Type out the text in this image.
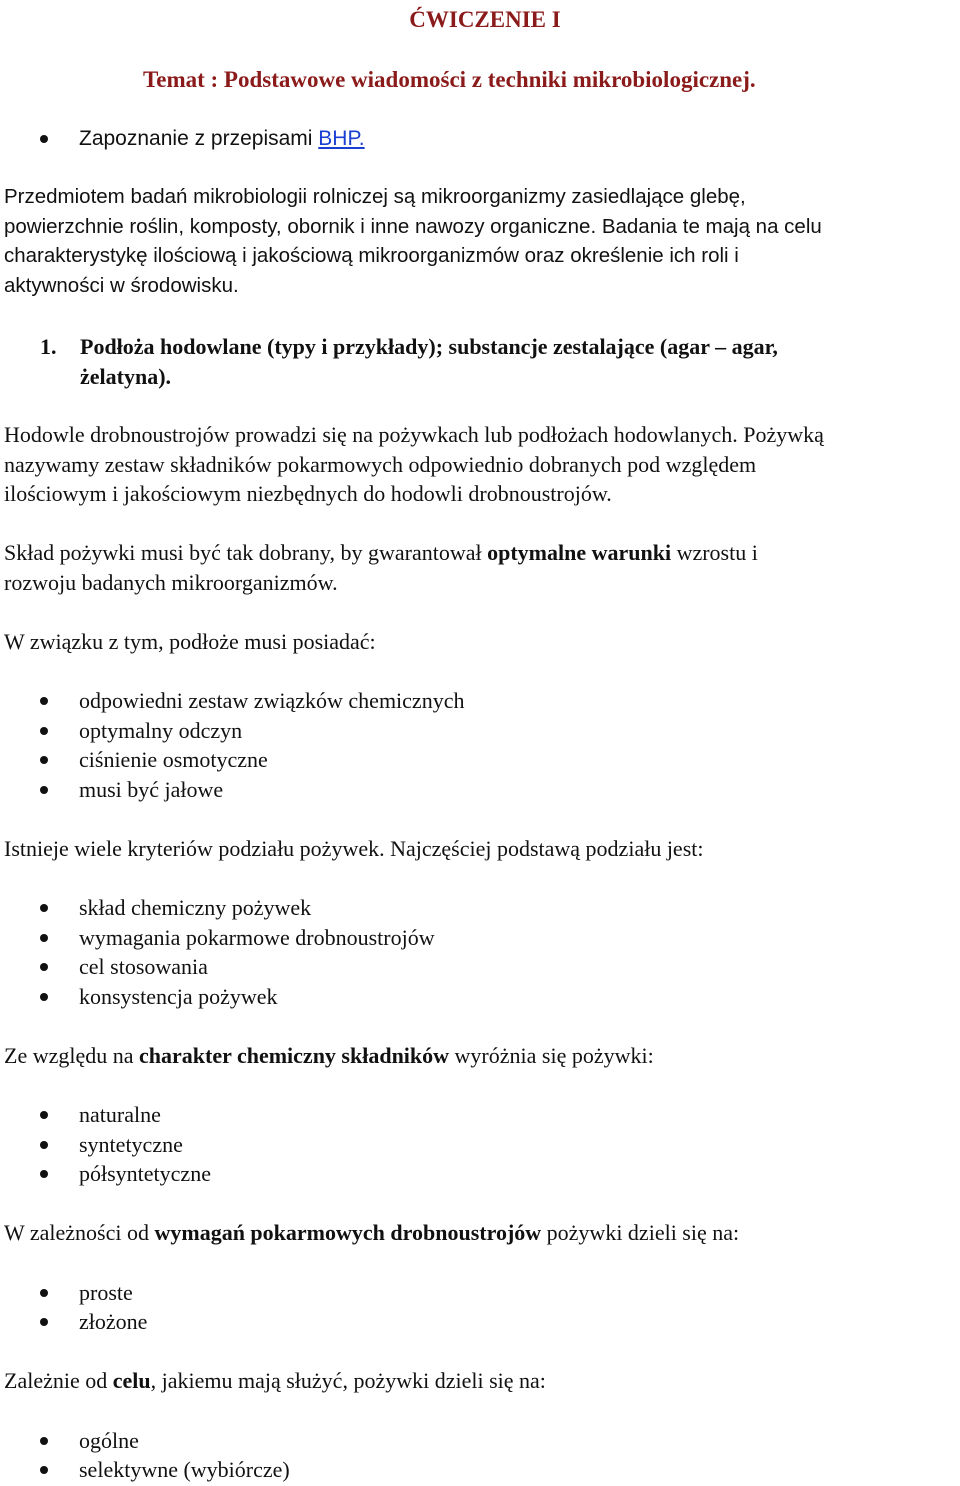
ĆWICZENIE I
Temat : Podstawowe wiadomości z techniki mikrobiologicznej.
Zapoznanie z przepisami BHP.
Przedmiotem badań mikrobiologii rolniczej są mikroorganizmy zasiedlające glebę,
powierzchnie roślin, komposty, obornik i inne nawozy organiczne. Badania te mają na celu
charakterystykę ilościową i jakościową mikroorganizmów oraz określenie ich roli i
aktywności w środowisku.
1. Podłoża hodowlane (typy i przykłady); substancje zestalające (agar – agar,
żelatyna).
Hodowle drobnoustrojów prowadzi się na pożywkach lub podłożach hodowlanych. Pożywką
nazywamy zestaw składników pokarmowych odpowiednio dobranych pod względem
ilościowym i jakościowym niezbędnych do hodowli drobnoustrojów.
Skład pożywki musi być tak dobrany, by gwarantował optymalne warunki wzrostu i
rozwoju badanych mikroorganizmów.
W związku z tym, podłoże musi posiadać:
odpowiedni zestaw związków chemicznych
optymalny odczyn
ciśnienie osmotyczne
musi być jałowe
Istnieje wiele kryteriów podziału pożywek. Najczęściej podstawą podziału jest:
skład chemiczny pożywek
wymagania pokarmowe drobnoustrojów
cel stosowania
konsystencja pożywek
Ze względu na charakter chemiczny składników wyróżnia się pożywki:
naturalne
syntetyczne
półsyntetyczne
W zależności od wymagań pokarmowych drobnoustrojów pożywki dzieli się na:
proste
złożone
Zależnie od celu, jakiemu mają służyć, pożywki dzieli się na:
ogólne
selektywne (wybiórcze)
